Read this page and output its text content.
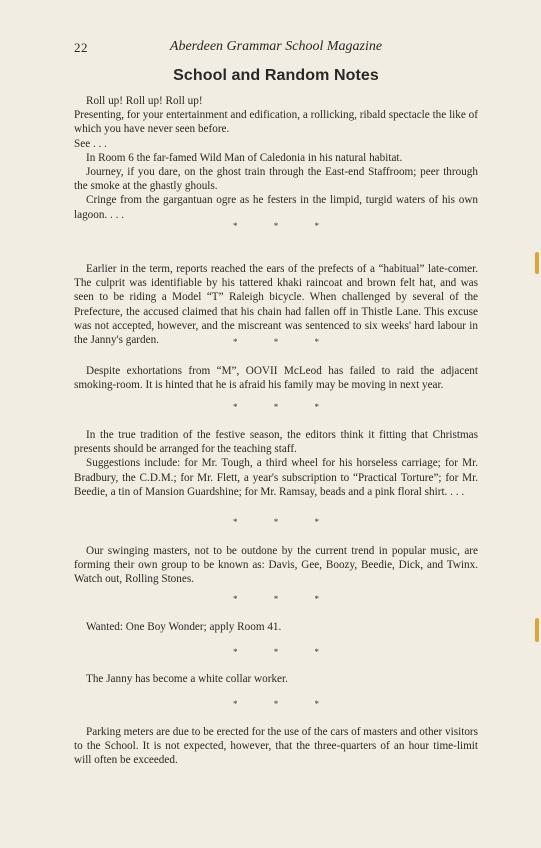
22	Aberdeen Grammar School Magazine
School and Random Notes

Roll up! Roll up! Roll up!

Presenting, for your entertainment and edification, a rollicking, ribald spectacle the like of which you have never seen before.

See . . .

In Room 6 the far-famed Wild Man of Caledonia in his natural habitat.

Journey, if you dare, on the ghost train through the East-end Staffroom; peer through the smoke at the ghastly ghouls.

Cringe from the gargantuan ogre as he festers in the limpid, turgid waters of his own lagoon. . . .

* * *

Earlier in the term, reports reached the ears of the prefects of a “habitual” late-comer. The culprit was identifiable by his tattered khaki raincoat and brown felt hat, and was seen to be riding a Model “T” Raleigh bicycle. When challenged by several of the Prefecture, the accused claimed that his chain had fallen off in Thistle Lane. This excuse was not accepted, however, and the miscreant was sentenced to six weeks' hard labour in the Janny's garden.	* * *

Despite exhortations from “M”, OOVII McLeod has failed to raid the adjacent smoking-room. It is hinted that he is afraid his family may be moving in next year.

* * *

In the true tradition of the festive season, the editors think it fitting that Christmas presents should be arranged for the teaching staff.

Suggestions include: for Mr. Tough, a third wheel for his horseless carriage; for Mr. Bradbury, the C.D.M.; for Mr. Flett, a year's subscription to “Practical Torture”; for Mr. Beedie, a tin of Mansion Guardshine; for Mr. Ramsay, beads and a pink floral shirt. . . .

* * *

Our swinging masters, not to be outdone by the current trend in popular music, are forming their own group to be known as: Davis, Gee, Boozy, Beedie, Dick, and Twinx. Watch out, Rolling Stones.

* * *

Wanted: One Boy Wonder; apply Room 41.

* * *

The Janny has become a white collar worker.

* * *

Parking meters are due to be erected for the use of the cars of masters and other visitors to the School. It is not expected, however, that the three-quarters of an hour time-limit will often be exceeded.
